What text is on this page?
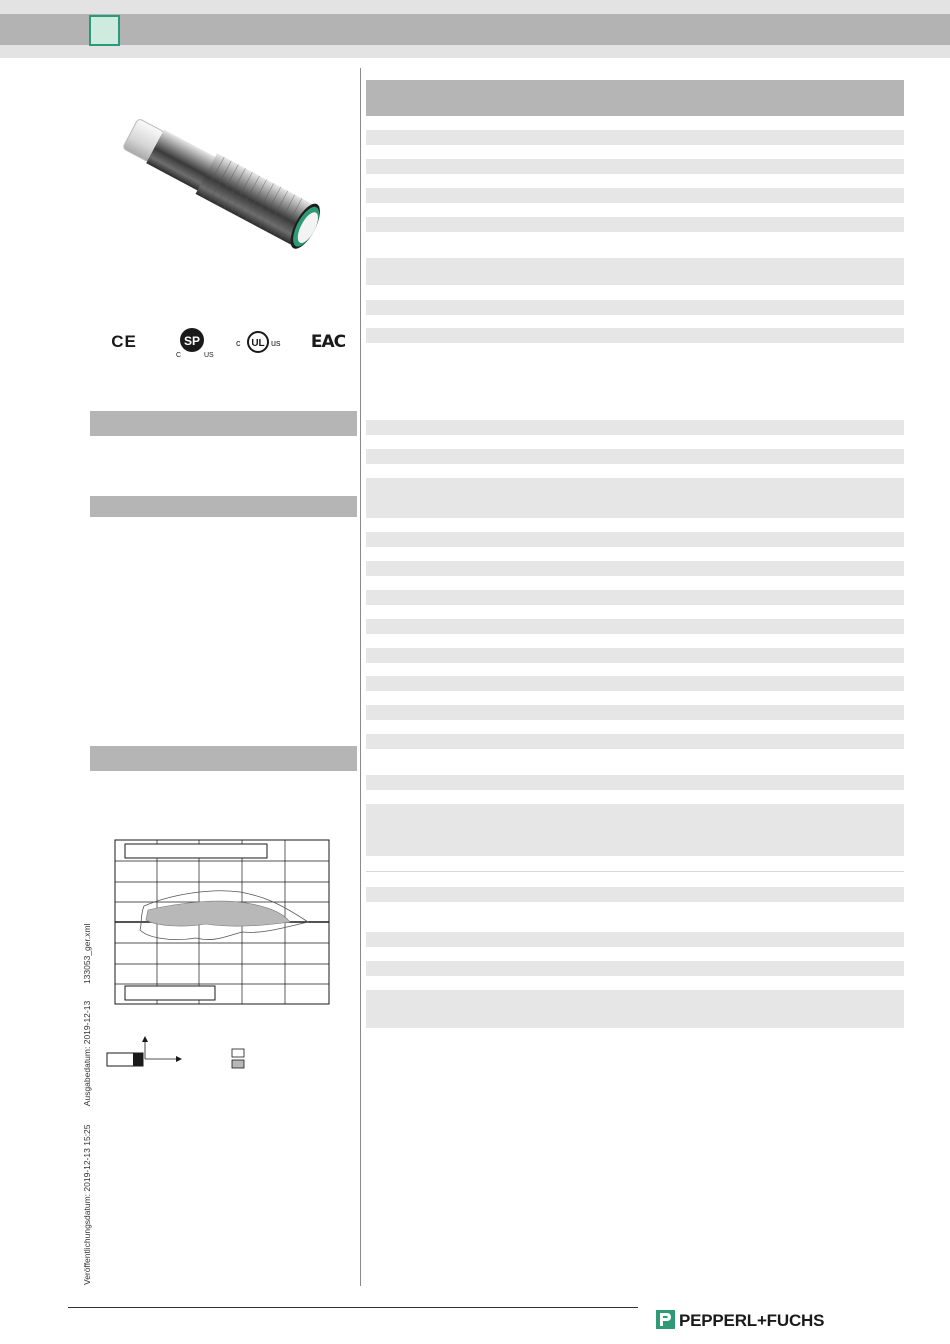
CE	SP
C	US
c UL us EAC
Veröffentlichungsdatum: 2019-12-13 15:25  Ausgabedatum: 2019-12-13  133053_ger.xml
PEPPERL+FUCHS
